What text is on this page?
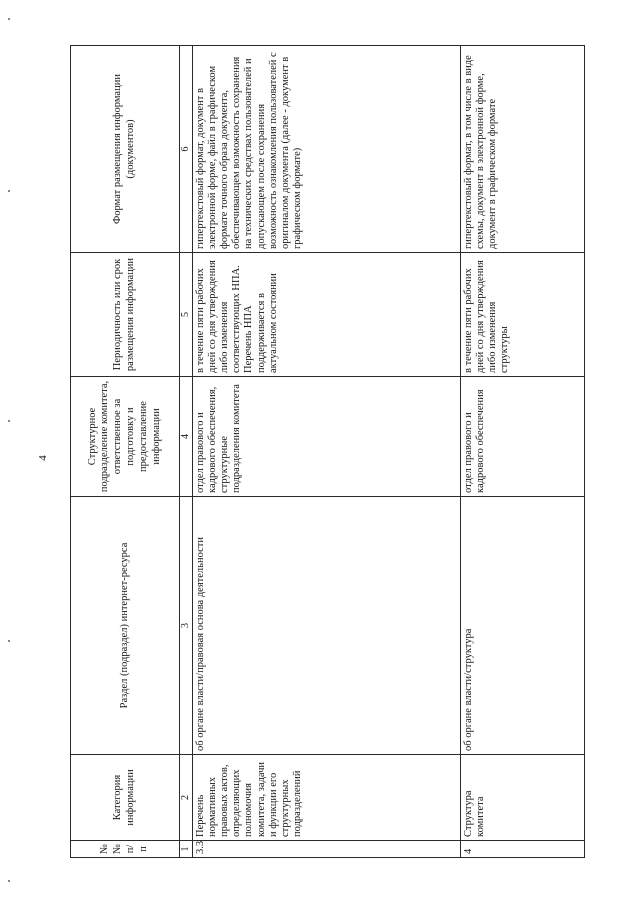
4
№№ п/п	Категория информации	Раздел (подраздел) интернет-ресурса	Структурное подразделение комитета, ответственное за подготовку и предоставление информации	Периодичность или срок размещения информации	Формат размещения информации (документов)
1	2	3	4	5	6
3.3	Перечень нормативных правовых актов, определяющих полномочия комитета, задачи и функции его структурных подразделений	об органе власти/правовая основа деятельности	отдел правового и кадрового обеспечения, структурные подразделения комитета	в течение пяти рабочих дней со дня утверждения либо изменения соответствующих НПА. Перечень НПА поддерживается в актуальном состоянии	гипертекстовый формат, документ в электронной форме, файл в графическом формате точного образа документа, обеспечивающем возможность сохранения на технических средствах пользователей и допускающем после сохранения возможность ознакомления пользователей с оригиналом документа (далее - документ в графическом формате)
4	Структура комитета	об органе власти/структура	отдел правового и кадрового обеспечения	в течение пяти рабочих дней со дня утверждения либо изменения структуры	гипертекстовый формат, в том числе в виде схемы, документ в электронной форме, документ в графическом формате
